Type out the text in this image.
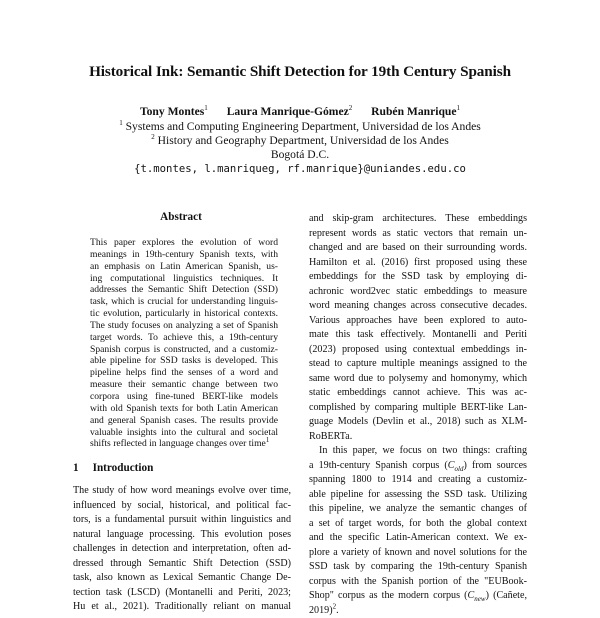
Historical Ink: Semantic Shift Detection for 19th Century Spanish
Tony Montes$^1$ Laura Manrique-Gómez$^2$ Rubén Manrique$^1$
$^1$ Systems and Computing Engineering Department, Universidad de los Andes
$^2$ History and Geography Department, Universidad de los Andes
Bogotá D.C.
{t.montes, l.manriqueg, rf.manrique}@uniandes.edu.co
Abstract
This paper explores the evolution of word
meanings in 19th-century Spanish texts, with
an emphasis on Latin American Spanish, us-
ing computational linguistics techniques. It
addresses the Semantic Shift Detection (SSD)
task, which is crucial for understanding linguis-
tic evolution, particularly in historical contexts.
The study focuses on analyzing a set of Spanish
target words. To achieve this, a 19th-century
Spanish corpus is constructed, and a customiz-
able pipeline for SSD tasks is developed. This
pipeline helps find the senses of a word and
measure their semantic change between two
corpora using fine-tuned BERT-like models
with old Spanish texts for both Latin American
and general Spanish cases. The results provide
valuable insights into the cultural and societal
shifts reflected in language changes over time$^1$
1 Introduction
The study of how word meanings evolve over time,
influenced by social, historical, and political fac-
tors, is a fundamental pursuit within linguistics and
natural language processing. This evolution poses
challenges in detection and interpretation, often ad-
dressed through Semantic Shift Detection (SSD)
task, also known as Lexical Semantic Change De-
tection task (LSCD) (Montanelli and Periti, 2023;
Hu et al., 2021). Traditionally reliant on manual
and skip-gram architectures. These embeddings
represent words as static vectors that remain un-
changed and are based on their surrounding words.
Hamilton et al. (2016) first proposed using these
embeddings for the SSD task by employing di-
achronic word2vec static embeddings to measure
word meaning changes across consecutive decades.
Various approaches have been explored to auto-
mate this task effectively. Montanelli and Periti
(2023) proposed using contextual embeddings in-
stead to capture multiple meanings assigned to the
same word due to polysemy and homonymy, which
static embeddings cannot achieve. This was ac-
complished by comparing multiple BERT-like Lan-
guage Models (Devlin et al., 2018) such as XLM-
RoBERTa.
In this paper, we focus on two things: crafting
a 19th-century Spanish corpus $(C_{old})$ from sources
spanning 1800 to 1914 and creating a customiz-
able pipeline for assessing the SSD task. Utilizing
this pipeline, we analyze the semantic changes of
a set of target words, for both the global context
and the specific Latin-American context. We ex-
plore a variety of known and novel solutions for the
SSD task by comparing the 19th-century Spanish
corpus with the Spanish portion of the "EUBook-
Shop" corpus as the modern corpus $(C_{new})$ (Cañete,
2019)$^2$.
